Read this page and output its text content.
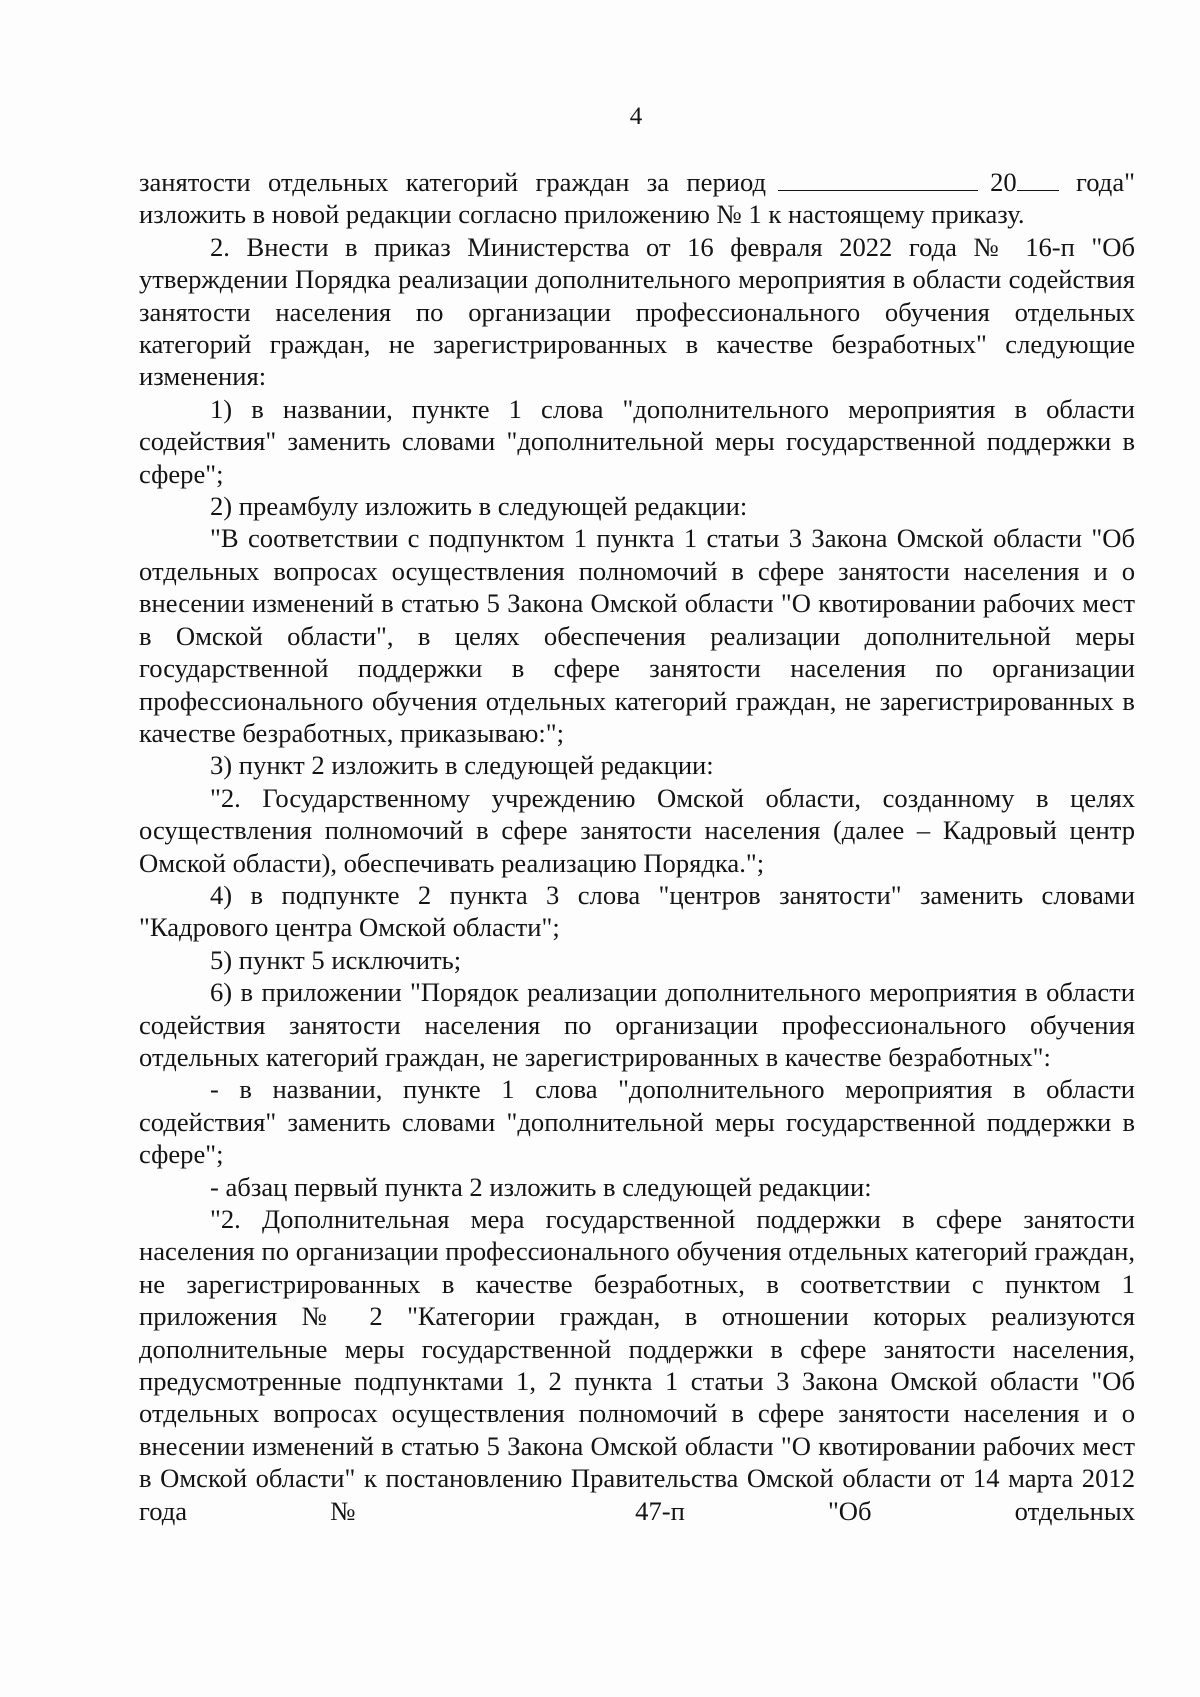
4

занятости отдельных категорий граждан за период	20 года"

изложить в новой редакции согласно приложению № 1 к настоящему приказу.

2. Внести в приказ Министерства от 16 февраля 2022 года № 16-п "Об утверждении Порядка реализации дополнительного мероприятия в области содействия занятости населения по организации профессионального обучения отдельных категорий граждан, не зарегистрированных в качестве безработных" следующие изменения:

1) в названии, пункте 1 слова "дополнительного мероприятия в области содействия" заменить словами "дополнительной меры государственной поддержки в сфере";

2) преамбулу изложить в следующей редакции:

"В соответствии с подпунктом 1 пункта 1 статьи 3 Закона Омской области "Об отдельных вопросах осуществления полномочий в сфере занятости населения и о внесении изменений в статью 5 Закона Омской области "О квотировании рабочих мест в Омской области", в целях обеспечения реализации дополнительной меры государственной поддержки в сфере занятости населения по организации профессионального обучения отдельных категорий граждан, не зарегистрированных в качестве безработных, приказываю:";

3) пункт 2 изложить в следующей редакции:

"2. Государственному учреждению Омской области, созданному в целях осуществления полномочий в сфере занятости населения (далее – Кадровый центр Омской области), обеспечивать реализацию Порядка.";

4) в подпункте 2 пункта 3 слова "центров занятости" заменить словами "Кадрового центра Омской области";

5) пункт 5 исключить;

6) в приложении "Порядок реализации дополнительного мероприятия в области содействия занятости населения по организации профессионального обучения отдельных категорий граждан, не зарегистрированных в качестве безработных":

- в названии, пункте 1 слова "дополнительного мероприятия в области содействия" заменить словами "дополнительной меры государственной поддержки в сфере";

- абзац первый пункта 2 изложить в следующей редакции:

"2. Дополнительная мера государственной поддержки в сфере занятости населения по организации профессионального обучения отдельных категорий граждан, не зарегистрированных в качестве безработных, в соответствии с пунктом 1 приложения № 2 "Категории граждан, в отношении которых реализуются дополнительные меры государственной поддержки в сфере занятости населения, предусмотренные подпунктами 1, 2 пункта 1 статьи 3 Закона Омской области "Об отдельных вопросах осуществления полномочий в сфере занятости населения и о внесении изменений в статью 5 Закона Омской области "О квотировании рабочих мест в Омской области" к постановлению Правительства Омской области от 14 марта 2012 года № 47-п "Об отдельных
